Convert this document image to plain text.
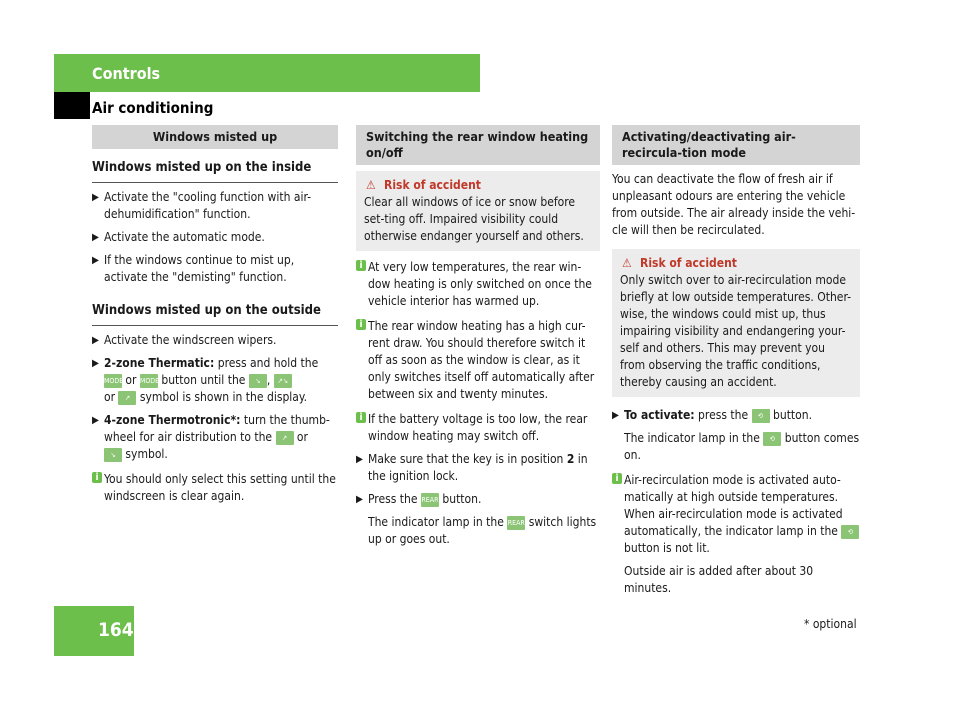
Controls
Air conditioning
Windows misted up
Windows misted up on the inside
▶ Activate the "cooling function with air-dehumidification" function.
▶ Activate the automatic mode.
▶ If the windows continue to mist up, activate the "demisting" function.
Windows misted up on the outside
▶ Activate the windscreen wipers.
▶ 2-zone Thermatic: press and hold the
MODE or MODE button until the ↘ , ↗↘
or ↗ symbol is shown in the display.
▶ 4-zone Thermotronic*: turn the thumb-wheel for air distribution to the ↗ or
↘ symbol.
i You should only select this setting until the windscreen is clear again.
Switching the rear window heating on/off
⚠ Risk of accident
Clear all windows of ice or snow before set-ting off. Impaired visibility could otherwise endanger yourself and others.
i At very low temperatures, the rear win-dow heating is only switched on once the vehicle interior has warmed up.
i The rear window heating has a high cur-rent draw. You should therefore switch it off as soon as the window is clear, as it only switches itself off automatically after between six and twenty minutes.
i If the battery voltage is too low, the rear window heating may switch off.
▶ Make sure that the key is in position 2 in the ignition lock.
▶ Press the REAR button.
The indicator lamp in the REAR switch lights up or goes out.
Activating/deactivating air-recircula-tion mode
You can deactivate the flow of fresh air if unpleasant odours are entering the vehicle from outside. The air already inside the vehi-cle will then be recirculated.
⚠ Risk of accident
Only switch over to air-recirculation mode briefly at low outside temperatures. Other-wise, the windows could mist up, thus impairing visibility and endangering your-self and others. This may prevent you from observing the traffic conditions, thereby causing an accident.
▶ To activate: press the ⟲ button.
The indicator lamp in the ⟲ button comes on.
i Air-recirculation mode is activated auto-matically at high outside temperatures. When air-recirculation mode is activated automatically, the indicator lamp in the ⟲ button is not lit.
Outside air is added after about 30 minutes.
164	* optional
